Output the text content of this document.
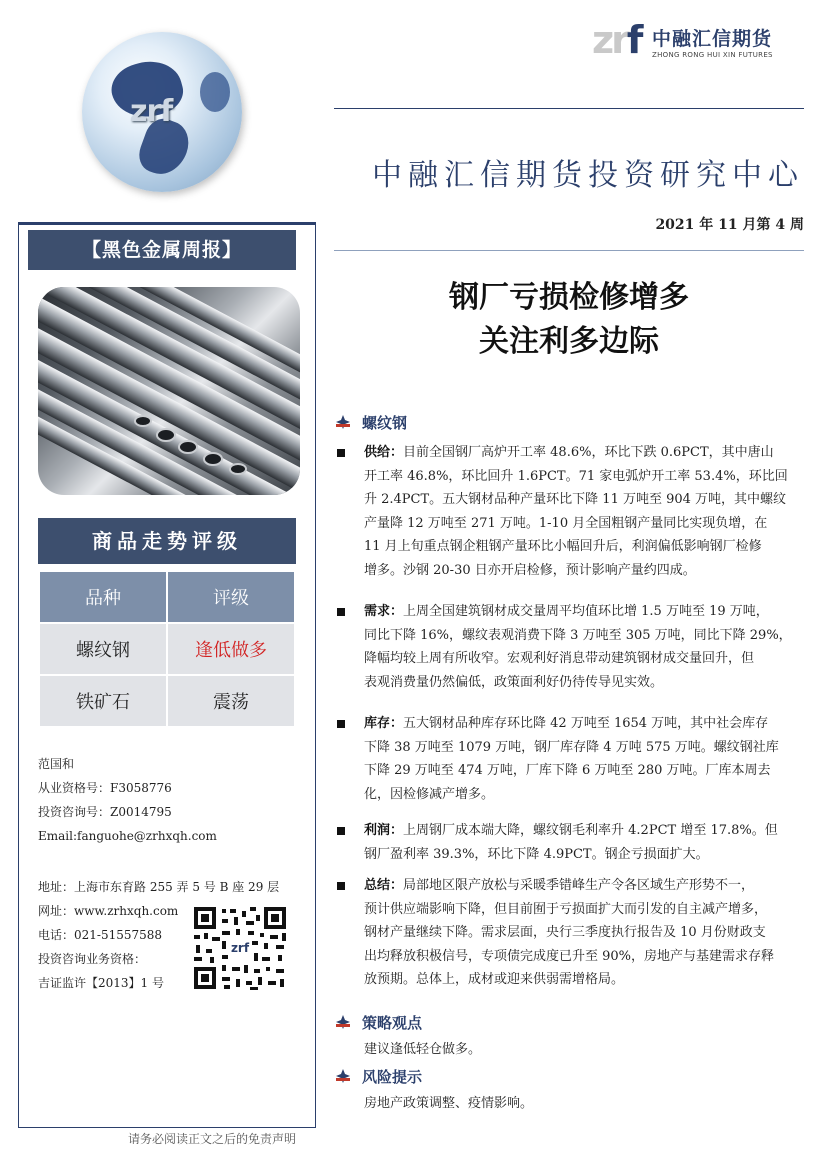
zrf
zrf 中融汇信期货
ZHONG RONG HUI XIN FUTURES
中融汇信期货投资研究中心
2021 年 11 月第 4 周
钢厂亏损检修增多
关注利多边际
【黑色金属周报】
商品走势评级
品种	评级
螺纹钢	逢低做多
铁矿石	震荡
范国和
从业资格号：F3058776
投资咨询号：Z0014795
Email:fanguohe@zrhxqh.com
地址：上海市东育路 255 弄 5 号 B 座 29 层
网址：www.zrhxqh.com
电话：021-51557588
投资咨询业务资格：
吉证监许【2013】1 号
zrf
请务必阅读正文之后的免责声明
螺纹钢
供给：目前全国钢厂高炉开工率 48.6%，环比下跌 0.6PCT，其中唐山
开工率 46.8%，环比回升 1.6PCT。71 家电弧炉开工率 53.4%，环比回
升 2.4PCT。五大钢材品种产量环比下降 11 万吨至 904 万吨，其中螺纹
产量降 12 万吨至 271 万吨。1-10 月全国粗钢产量同比实现负增，在
11 月上旬重点钢企粗钢产量环比小幅回升后，利润偏低影响钢厂检修
增多。沙钢 20-30 日亦开启检修，预计影响产量约四成。
需求：上周全国建筑钢材成交量周平均值环比增 1.5 万吨至 19 万吨，
同比下降 16%，螺纹表观消费下降 3 万吨至 305 万吨，同比下降 29%，
降幅均较上周有所收窄。宏观利好消息带动建筑钢材成交量回升，但
表观消费量仍然偏低，政策面利好仍待传导见实效。
库存：五大钢材品种库存环比降 42 万吨至 1654 万吨，其中社会库存
下降 38 万吨至 1079 万吨，钢厂库存降 4 万吨 575 万吨。螺纹钢社库
下降 29 万吨至 474 万吨，厂库下降 6 万吨至 280 万吨。厂库本周去
化，因检修减产增多。
利润：上周钢厂成本端大降，螺纹钢毛利率升 4.2PCT 增至 17.8%。但
钢厂盈利率 39.3%，环比下降 4.9PCT。钢企亏损面扩大。
总结：局部地区限产放松与采暖季错峰生产令各区域生产形势不一，
预计供应端影响下降，但目前囿于亏损面扩大而引发的自主减产增多，
钢材产量继续下降。需求层面，央行三季度执行报告及 10 月份财政支
出均释放积极信号，专项债完成度已升至 90%，房地产与基建需求存释
放预期。总体上，成材或迎来供弱需增格局。
策略观点
建议逢低轻仓做多。
风险提示
房地产政策调整、疫情影响。
